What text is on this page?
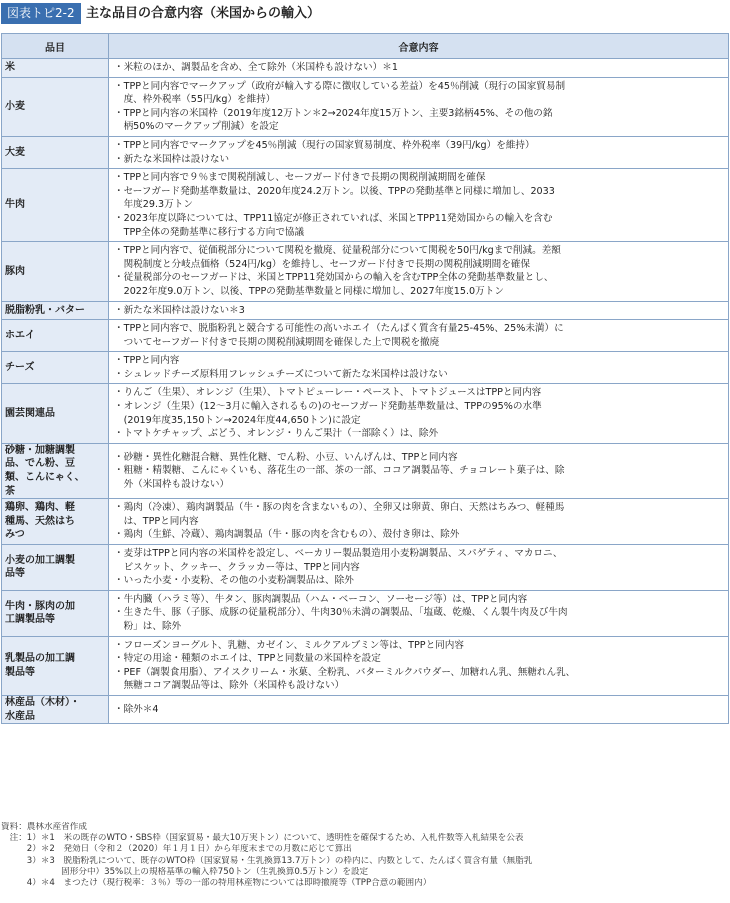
図表トピ2-2 主な品目の合意内容（米国からの輸入）
品目	合意内容

米	・米粒のほか、調製品を含め、全て除外（米国枠も設けない）＊1

小麦	・TPPと同内容でマークアップ（政府が輸入する際に徴収している差益）を45％削減（現行の国家貿易制
　度、枠外税率（55円/kg）を維持）
・TPPと同内容の米国枠（2019年度12万トン＊2→2024年度15万トン、主要3銘柄45%、その他の銘
　柄50%のマークアップ削減）を設定

大麦	・TPPと同内容でマークアップを45％削減（現行の国家貿易制度、枠外税率（39円/kg）を維持）
・新たな米国枠は設けない

牛肉	・TPPと同内容で９％まで関税削減し、セーフガード付きで長期の関税削減期間を確保
・セーフガード発動基準数量は、2020年度24.2万トン。以後、TPPの発動基準と同様に増加し、2033
　年度29.3万トン
・2023年度以降については、TPP11協定が修正されていれば、米国とTPP11発効国からの輸入を含む
　TPP全体の発動基準に移行する方向で協議

豚肉	・TPPと同内容で、従価税部分について関税を撤廃、従量税部分について関税を50円/kgまで削減。差額
　関税制度と分岐点価格（524円/kg）を維持し、セーフガード付きで長期の関税削減期間を確保
・従量税部分のセーフガードは、米国とTPP11発効国からの輸入を含むTPP全体の発動基準数量とし、
　2022年度9.0万トン、以後、TPPの発動基準数量と同様に増加し、2027年度15.0万トン

脱脂粉乳・バター	・新たな米国枠は設けない＊3

ホエイ	・TPPと同内容で、脱脂粉乳と競合する可能性の高いホエイ（たんぱく質含有量25-45%、25%未満）に
　ついてセーフガード付きで長期の関税削減期間を確保した上で関税を撤廃

チーズ	・TPPと同内容
・シュレッドチーズ原料用フレッシュチーズについて新たな米国枠は設けない

園芸関連品	・りんご（生果）、オレンジ（生果）、トマトピューレー・ペースト、トマトジュースはTPPと同内容
・オレンジ（生果）(12～3月に輸入されるもの)のセーフガード発動基準数量は、TPPの95%の水準
　(2019年度35,150トン→2024年度44,650トン)に設定
・トマトケチャップ、ぶどう、オレンジ・りんご果汁（一部除く）は、除外

砂糖・加糖調製
品、でん粉、豆
類、こんにゃく、
茶	・砂糖・異性化糖混合糖、異性化糖、でん粉、小豆、いんげんは、TPPと同内容
・粗糖・精製糖、こんにゃくいも、落花生の一部、茶の一部、ココア調製品等、チョコレート菓子は、除
　外（米国枠も設けない）

鶏卵、鶏肉、軽
種馬、天然はち
みつ	・鶏肉（冷凍）、鶏肉調製品（牛・豚の肉を含まないもの）、全卵又は卵黄、卵白、天然はちみつ、軽種馬
　は、TPPと同内容
・鶏肉（生鮮、冷蔵）、鶏肉調製品（牛・豚の肉を含むもの）、殻付き卵は、除外

小麦の加工調製
品等	・麦芽はTPPと同内容の米国枠を設定し、ベーカリー製品製造用小麦粉調製品、スパゲティ、マカロニ、
　ビスケット、クッキー、クラッカー等は、TPPと同内容
・いった小麦・小麦粉、その他の小麦粉調製品は、除外

牛肉・豚肉の加
工調製品等	・牛内臓（ハラミ等）、牛タン、豚肉調製品（ハム・ベーコン、ソーセージ等）は、TPPと同内容
・生きた牛、豚（子豚、成豚の従量税部分）、牛肉30％未満の調製品、「塩蔵、乾燥、くん製牛肉及び牛肉
　粉」は、除外

乳製品の加工調
製品等	・フローズンヨーグルト、乳糖、カゼイン、ミルクアルブミン等は、TPPと同内容
・特定の用途・種類のホエイは、TPPと同数量の米国枠を設定
・PEF（調製食用脂）、アイスクリーム・氷菓、全粉乳、バターミルクパウダー、加糖れん乳、無糖れん乳、
　無糖ココア調製品等は、除外（米国枠も設けない）

林産品（木材）・
水産品	・除外＊4
資料：農林水産省作成
　注：1）＊1　米の既存のWTO・SBS枠（国家貿易・最大10万実トン）について、透明性を確保するため、入札件数等入札結果を公表
　　　2）＊2　発効日（令和２（2020）年１月１日）から年度末までの月数に応じて算出
　　　3）＊3　脱脂粉乳について、既存のWTO枠（国家貿易・生乳換算13.7万トン）の枠内に、内数として、たんぱく質含有量（無脂乳
　　　　　　　固形分中）35%以上の規格基準の輸入枠750トン（生乳換算0.5万トン）を設定
　　　4）＊4　まつたけ（現行税率：３％）等の一部の特用林産物については即時撤廃等（TPP合意の範囲内）
